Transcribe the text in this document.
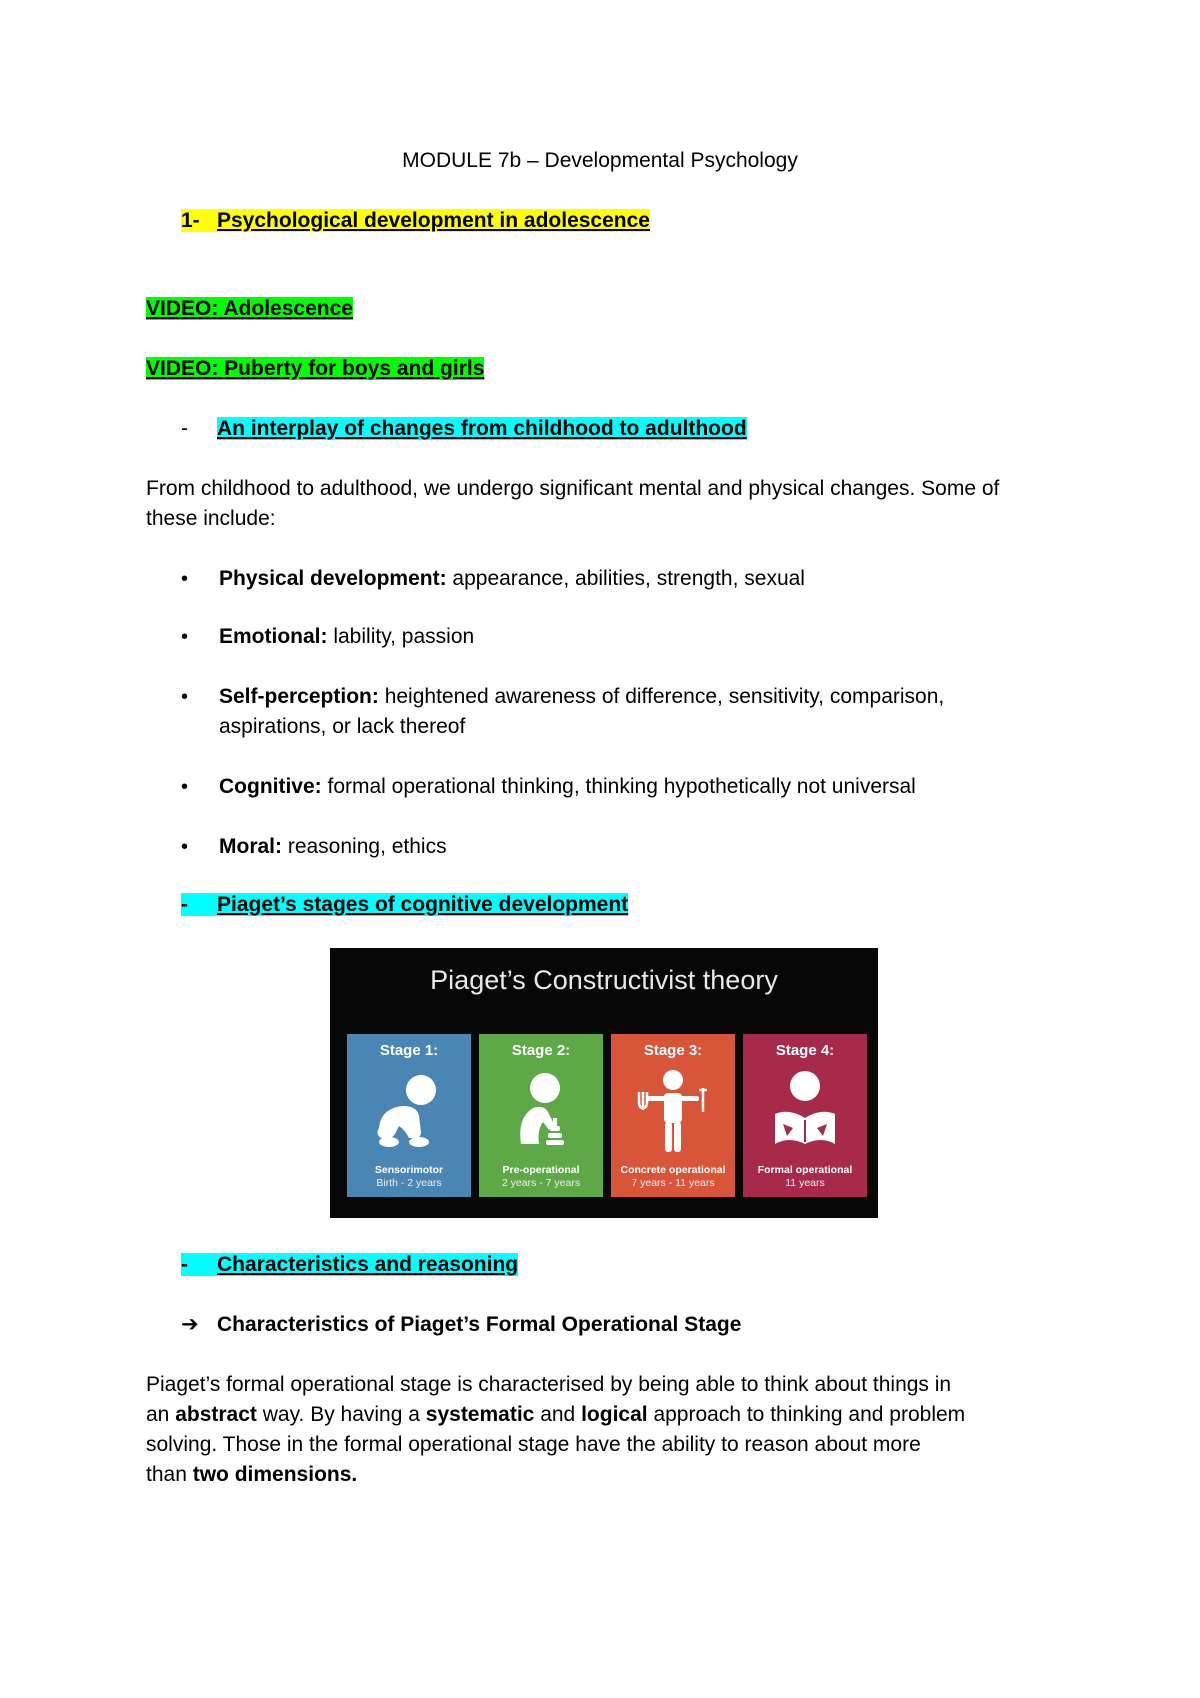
MODULE 7b – Developmental Psychology
1- Psychological development in adolescence
VIDEO: Adolescence
VIDEO: Puberty for boys and girls
- An interplay of changes from childhood to adulthood
From childhood to adulthood, we undergo significant mental and physical changes. Some of
these include:
• Physical development: appearance, abilities, strength, sexual
• Emotional: lability, passion
• Self-perception: heightened awareness of difference, sensitivity, comparison,
aspirations, or lack thereof
• Cognitive: formal operational thinking, thinking hypothetically not universal
• Moral: reasoning, ethics
- Piaget’s stages of cognitive development
Piaget’s Constructivist theory
Stage 1:
Sensorimotor
Birth - 2 years
Stage 2:
Pre-operational
2 years - 7 years
Stage 3:
Concrete operational
7 years - 11 years
Stage 4:
Formal operational
11 years
- Characteristics and reasoning
➔ Characteristics of Piaget’s Formal Operational Stage
Piaget’s formal operational stage is characterised by being able to think about things in
an abstract way. By having a systematic and logical approach to thinking and problem
solving. Those in the formal operational stage have the ability to reason about more
than two dimensions.
